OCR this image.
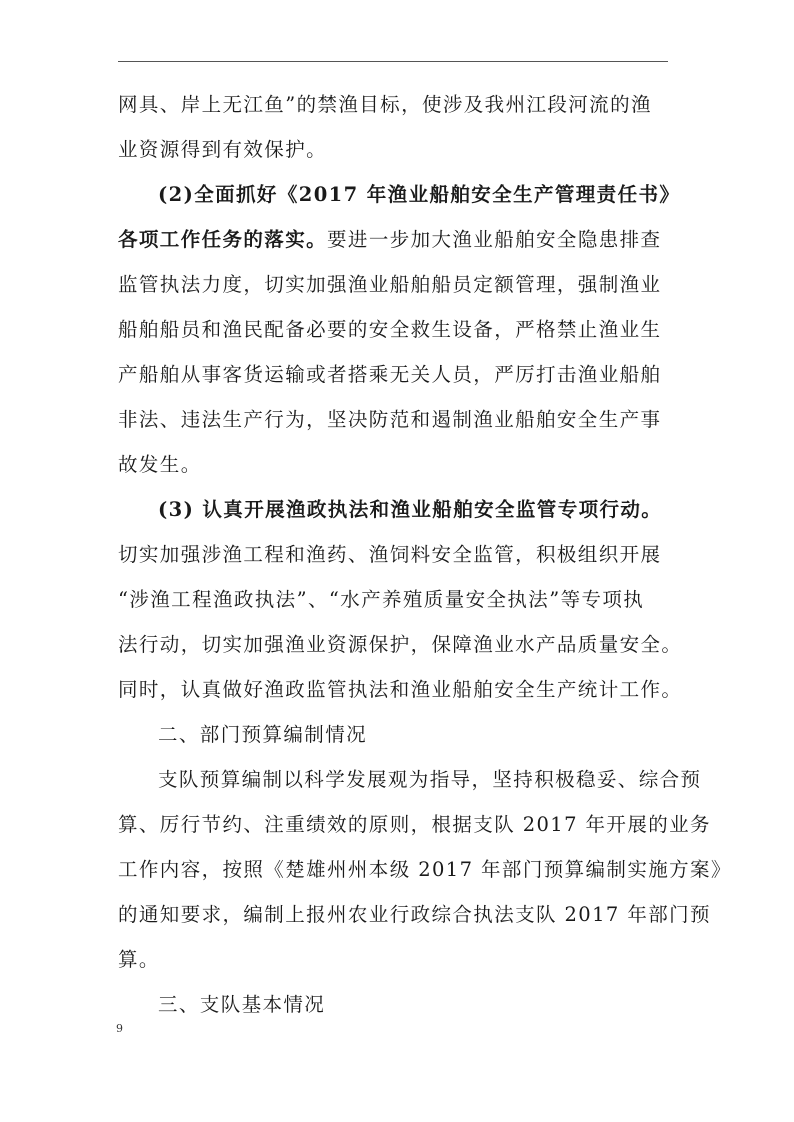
网具、岸上无江鱼”的禁渔目标，使涉及我州江段河流的渔
业资源得到有效保护。
(2)全面抓好《2017 年渔业船舶安全生产管理责任书》
各项工作任务的落实。要进一步加大渔业船舶安全隐患排查
监管执法力度，切实加强渔业船舶船员定额管理，强制渔业
船舶船员和渔民配备必要的安全救生设备，严格禁止渔业生
产船舶从事客货运输或者搭乘无关人员，严厉打击渔业船舶
非法、违法生产行为，坚决防范和遏制渔业船舶安全生产事
故发生。
(3) 认真开展渔政执法和渔业船舶安全监管专项行动。
切实加强涉渔工程和渔药、渔饲料安全监管，积极组织开展
“涉渔工程渔政执法”、“水产养殖质量安全执法”等专项执
法行动，切实加强渔业资源保护，保障渔业水产品质量安全。
同时，认真做好渔政监管执法和渔业船舶安全生产统计工作。
二、部门预算编制情况
支队预算编制以科学发展观为指导，坚持积极稳妥、综合预
算、厉行节约、注重绩效的原则，根据支队 2017 年开展的业务
工作内容，按照《楚雄州州本级 2017 年部门预算编制实施方案》
的通知要求，编制上报州农业行政综合执法支队 2017 年部门预
算。
三、支队基本情况
9
